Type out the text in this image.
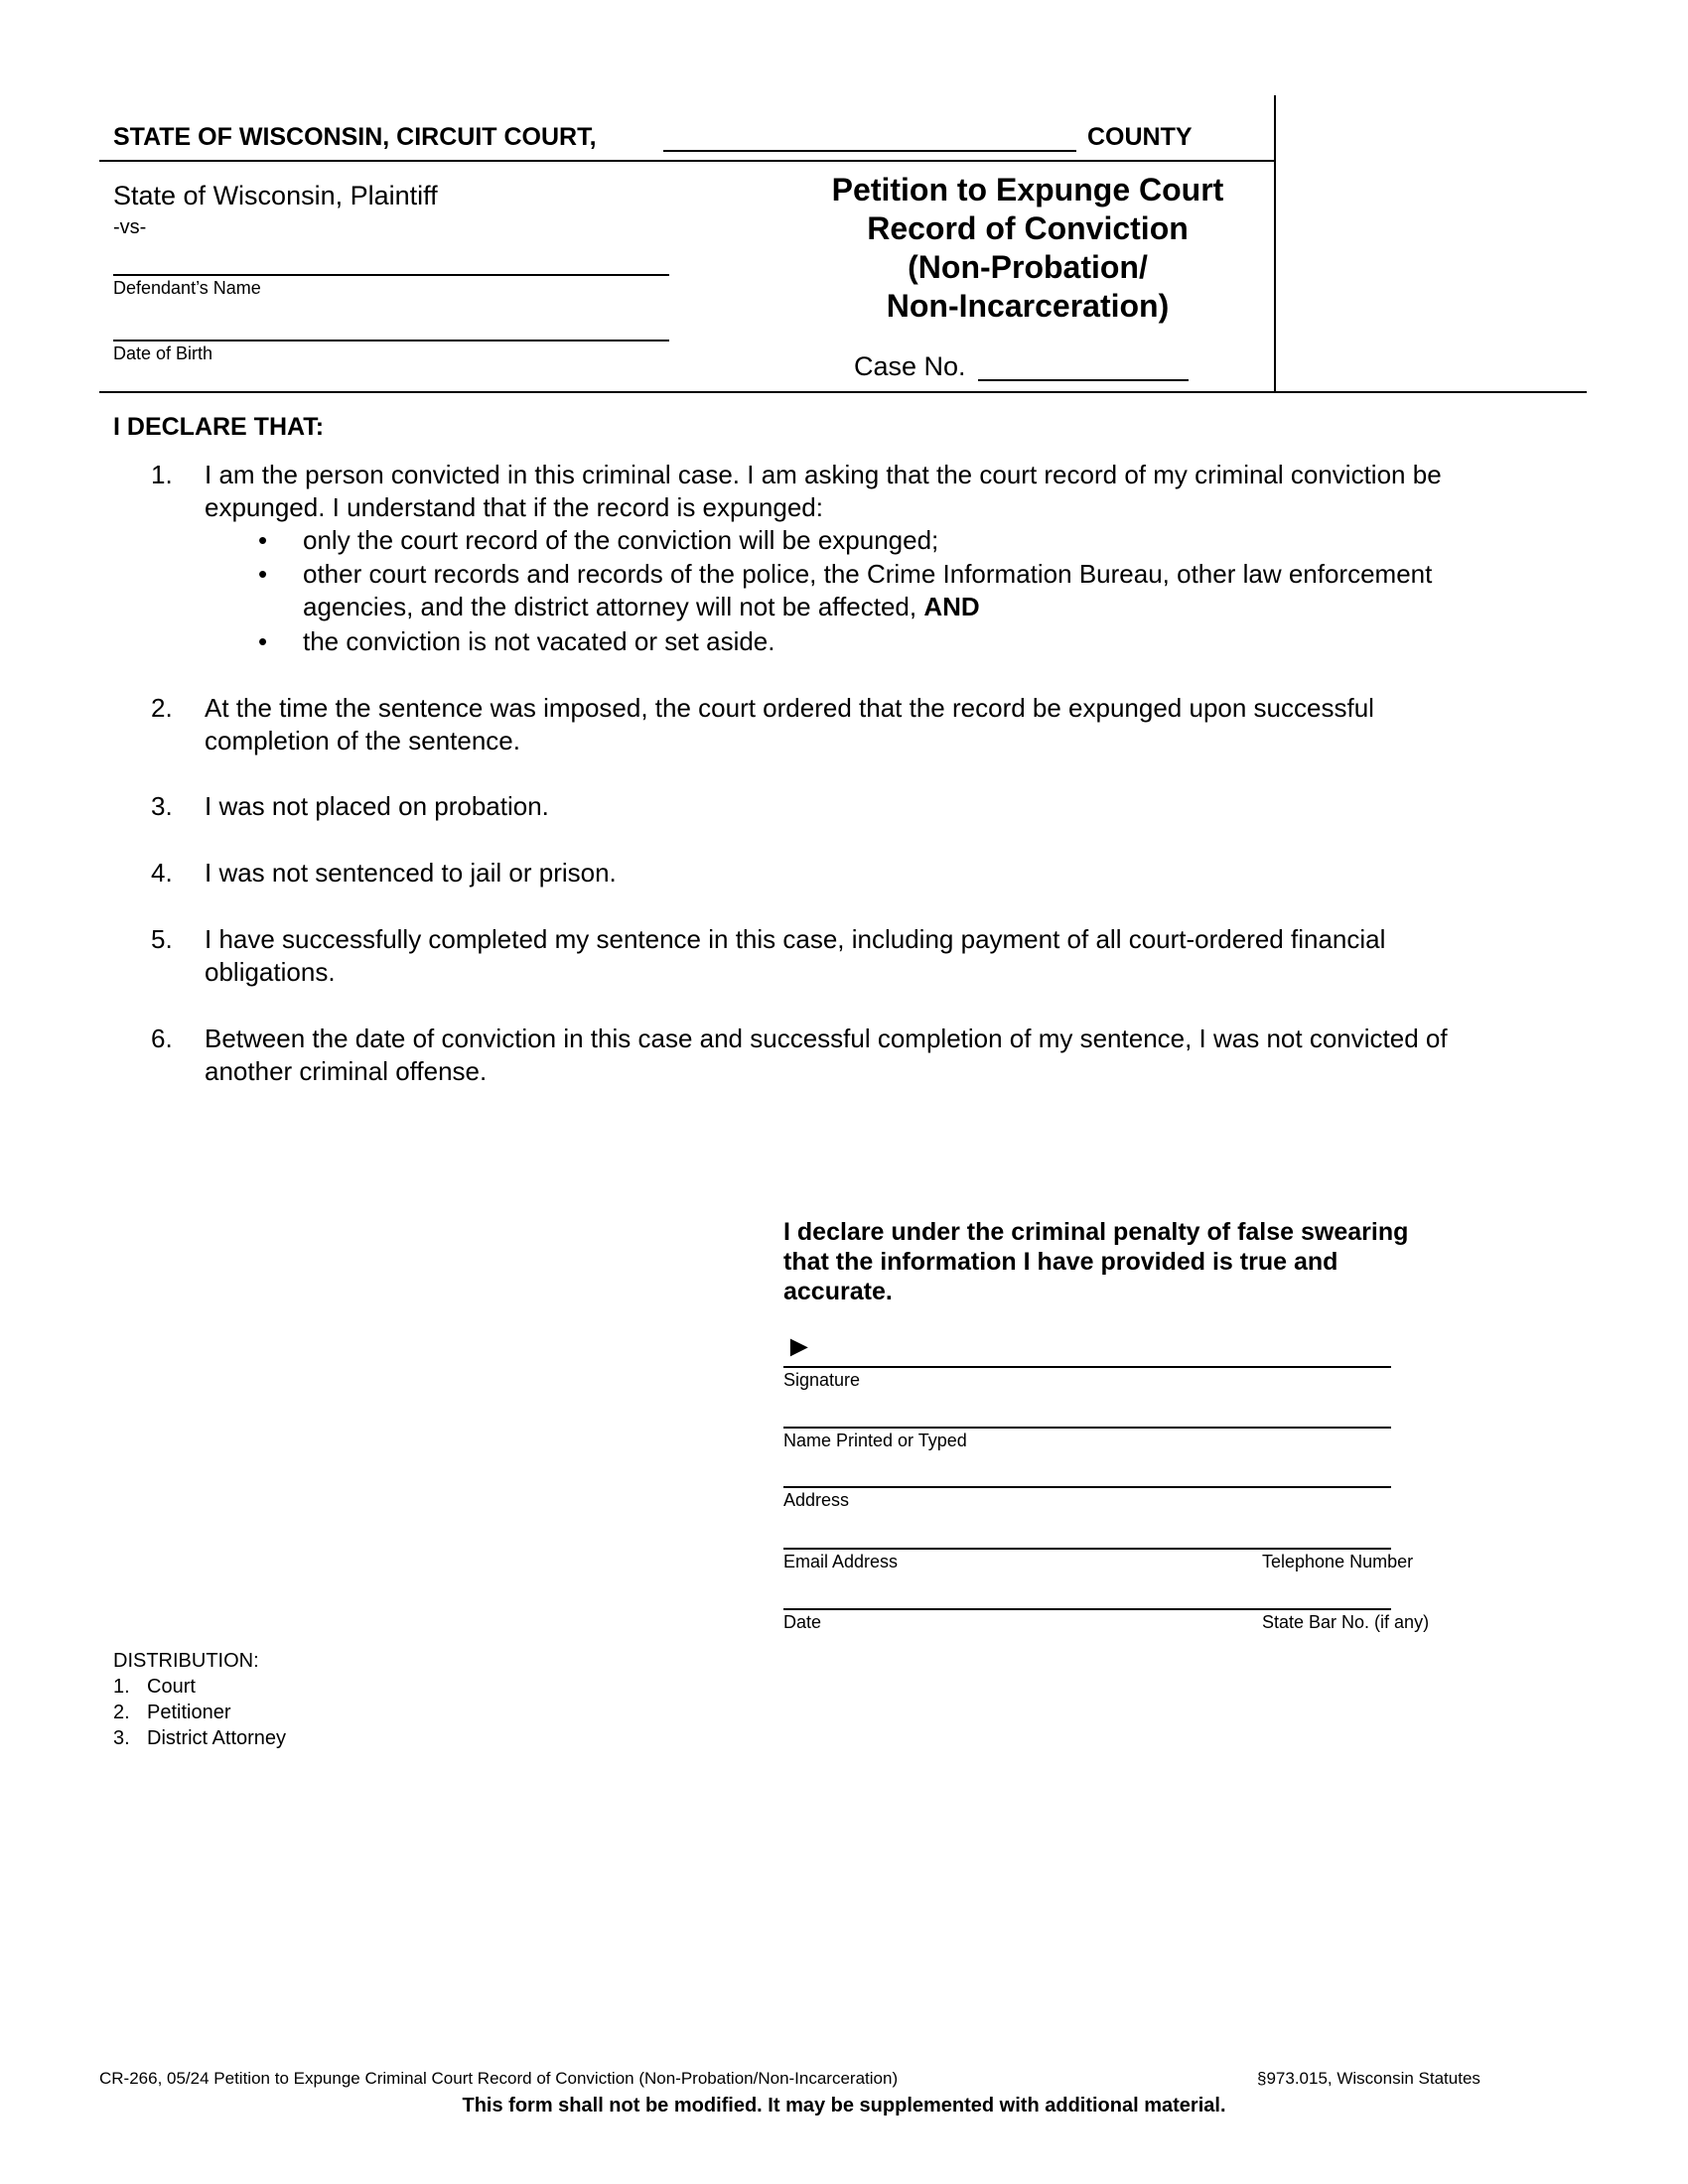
STATE OF WISCONSIN, CIRCUIT COURT,	COUNTY
State of Wisconsin, Plaintiff
-vs-
Defendant’s Name
Date of Birth
Petition to Expunge Court
Record of Conviction
(Non-Probation/
Non-Incarceration)
Case No.
I DECLARE THAT:
1. I am the person convicted in this criminal case. I am asking that the court record of my criminal conviction be
expunged. I understand that if the record is expunged:
• only the court record of the conviction will be expunged;
• other court records and records of the police, the Crime Information Bureau, other law enforcement
agencies, and the district attorney will not be affected, AND
• the conviction is not vacated or set aside.
2. At the time the sentence was imposed, the court ordered that the record be expunged upon successful
completion of the sentence.
3. I was not placed on probation.
4. I was not sentenced to jail or prison.
5. I have successfully completed my sentence in this case, including payment of all court-ordered financial
obligations.
6. Between the date of conviction in this case and successful completion of my sentence, I was not convicted of
another criminal offense.
I declare under the criminal penalty of false swearing
that the information I have provided is true and
accurate.
►
Signature
Name Printed or Typed
Address
Email Address	Telephone Number
Date	State Bar No. (if any)
DISTRIBUTION:
1. Court
2. Petitioner
3. District Attorney
CR-266, 05/24 Petition to Expunge Criminal Court Record of Conviction (Non-Probation/Non-Incarceration)	§973.015, Wisconsin Statutes
This form shall not be modified. It may be supplemented with additional material.
